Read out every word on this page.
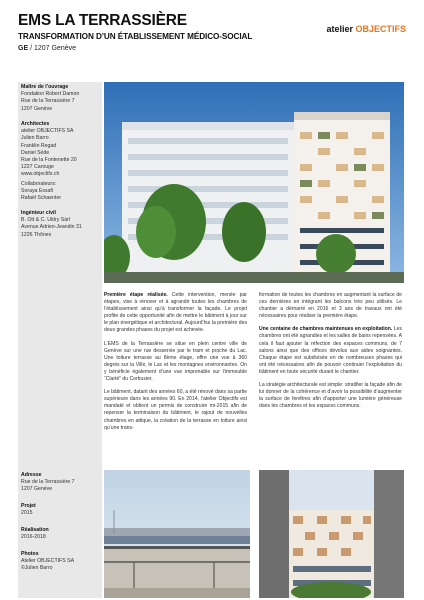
EMS LA TERRASSIÈRE
TRANSFORMATION D’UN ÉTABLISSEMENT MÉDICO-SOCIAL
GE / 1207 Genève
atelier OBJECTIFS
Maître de l’ouvrage
Fondation Robert Damon
Rue de la Terrassière 7
1207 Genève
Architectes
atelier OBJECTIFS SA
Julien Barro
Franklin Regad
Daniel Séde
Rue de la Fontenette 20
1227 Carouge
www.objectifs.ch
Collaborateurs:
Soraya Essafi
Rafaël Schaenter
Ingénieur civil
B. Ott & C. Uldry Sàrl
Avenue Adrien-Jeandin 31
1226 Thônex
Adresse
Rue de la Terrassière 7
1207 Genève
Projet
2015
Réalisation
2016-2018
Photos
Atelier OBJECTIFS SA
©Julien Barro

Première étape réalisée. Cette intervention, menée par étapes, vise à rénover et à agrandir toutes les chambres de l’établissement ainsi qu’à transformer la façade. Le projet profite de cette opportunité afin de mettre le bâtiment à jour sur le plan énergétique et architectural. Aujourd’hui la première des deux grandes phases du projet est achevée.

L’EMS de la Terrassière se situe en plein centre ville de Genève sur une rue desservie par le tram et proche du Lac. Une toiture terrasse au 8ème étage, offre une vue à 360 degrés sur la Ville, le Lac et les montagnes environnantes. On y bénéficie également d’une vue imprenable sur l’immeuble “Clarté” du Corbusier.

Le bâtiment, datant des années 60, a été rénové dans sa partie supérieure dans les années 90. En 2014, l’atelier Objectifs est mandaté et obtient un permis de construire mi-2015 afin de repenser la terminaison du bâtiment, le rajout de nouvelles chambres en attique, la création de la terrasse en toiture ainsi qu’une trans-

formation de toutes les chambres en augmentant la surface de ces dernières en intégrant les balcons très peu utilisés. Le chantier a démarré en 2016 et 3 ans de travaux ont été nécessaires pour réaliser la première étape.

Une centaine de chambres maintenues en exploitation. Les chambres ont été agrandies et les salles de bains repensées. A cela il faut ajouter la réfection des espaces communs, de 7 salons ainsi que des offices dévolus aux aides soignantes. Chaque étape est subdivisée en de nombreuses phases qui ont été nécessaires afin de pouvoir continuer l’exploitation du bâtiment en toute sécurité durant le chantier.

La stratégie architecturale est simple: stratifier la façade afin de lui donner de la cohérence et d’avoir la possibilité d’augmenter la surface de fenêtres afin d’apporter une lumière généreuse dans les chambres et les espaces communs.
